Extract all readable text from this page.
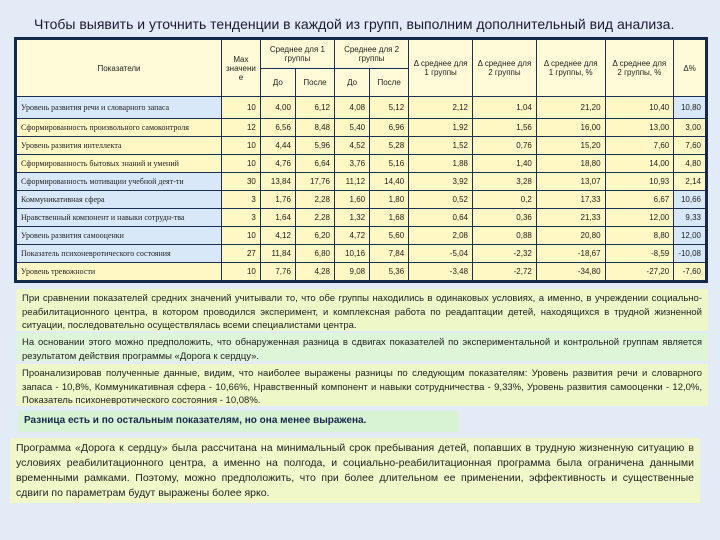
Чтобы выявить и уточнить тенденции в каждой из групп, выполним дополнительный вид анализа.
Показатели	Max значени е	Среднее для 1 группы		Среднее для 2 группы		Δ среднее для 1 группы	Δ среднее для 2 группы	Δ среднее для 1 группы, %	Δ среднее для 2 группы, %	Δ%
		До	После	До	После					
Уровень развития речи и словарного запаса	10	4,00	6,12	4,08	5,12	2,12	1,04	21,20	10,40	10,80
Сформированность произвольного самоконтроля	12	6,56	8,48	5,40	6,96	1,92	1,56	16,00	13,00	3,00
Уровень развития интеллекта	10	4,44	5,96	4,52	5,28	1,52	0,76	15,20	7,60	7,60
Сформированность бытовых знаний и умений	10	4,76	6,64	3,76	5,16	1,88	1,40	18,80	14,00	4,80
Сформированность мотивации учебной деят-ти	30	13,84	17,76	11,12	14,40	3,92	3,28	13,07	10,93	2,14
Коммуникативная сфера	3	1,76	2,28	1,60	1,80	0,52	0,2	17,33	6,67	10,66
Нравственный компонент и навыки сотрудн-тва	3	1,64	2,28	1,32	1,68	0,64	0,36	21,33	12,00	9,33
Уровень развития самооценки	10	4,12	6,20	4,72	5,60	2,08	0,88	20,80	8,80	12,00
Показатель психоневротического состояния	27	11,84	6,80	10,16	7,84	-5,04	-2,32	-18,67	-8,59	-10,08
Уровень тревожности	10	7,76	4,28	9,08	5,36	-3,48	-2,72	-34,80	-27,20	-7,60
При сравнении показателей средних значений учитывали то, что обе группы находились в одинаковых условиях, а именно, в учреждении социально-реабилитационного центра, в котором проводился эксперимент, и комплексная работа по реадаптации детей, находящихся в трудной жизненной ситуации, последовательно осуществлялась всеми специалистами центра.
На основании этого можно предположить, что обнаруженная разница в сдвигах показателей по экспериментальной и контрольной группам является результатом действия программы «Дорога к сердцу».
Проанализировав полученные данные, видим, что наиболее выражены разницы по следующим показателям: Уровень развития речи и словарного запаса - 10,8%, Коммуникативная сфера - 10,66%, Нравственный компонент и навыки сотрудничества - 9,33%, Уровень развития самооценки - 12,0%, Показатель психоневротического состояния - 10,08%.
Разница есть и по остальным показателям, но она менее выражена.
Программа «Дорога к сердцу» была рассчитана на минимальный срок пребывания детей, попавших в трудную жизненную ситуацию в условиях реабилитационного центра, а именно на полгода, и социально-реабилитационная программа была ограничена данными временными рамками. Поэтому, можно предположить, что при более длительном ее применении, эффективность и существенные сдвиги по параметрам будут выражены более ярко.
